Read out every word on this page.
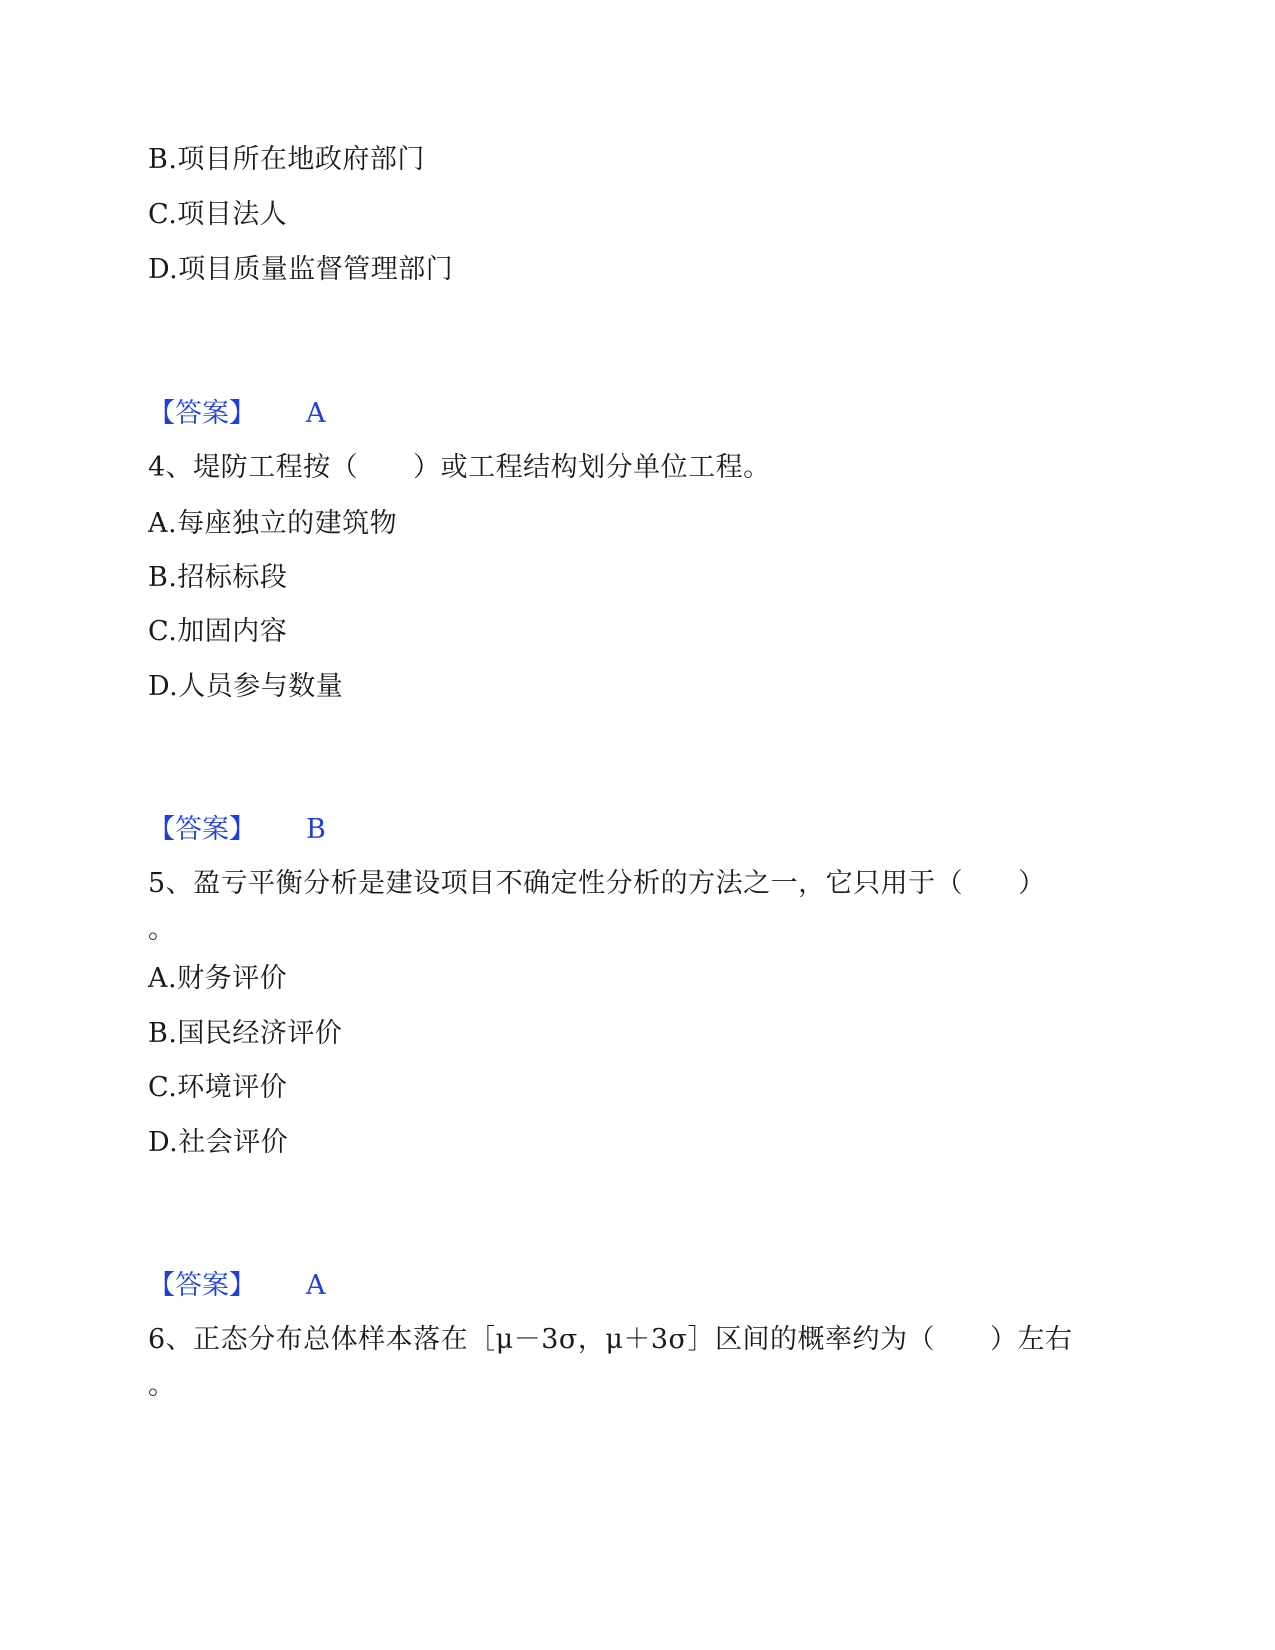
B.项目所在地政府部门
C.项目法人
D.项目质量监督管理部门
【答案】 A
4、堤防工程按（　　）或工程结构划分单位工程。
A.每座独立的建筑物
B.招标标段
C.加固内容
D.人员参与数量
【答案】 B
5、盈亏平衡分析是建设项目不确定性分析的方法之一，它只用于（　　）
。
A.财务评价
B.国民经济评价
C.环境评价
D.社会评价
【答案】 A
6、正态分布总体样本落在［μ－3σ，μ＋3σ］区间的概率约为（　　）左右
。
